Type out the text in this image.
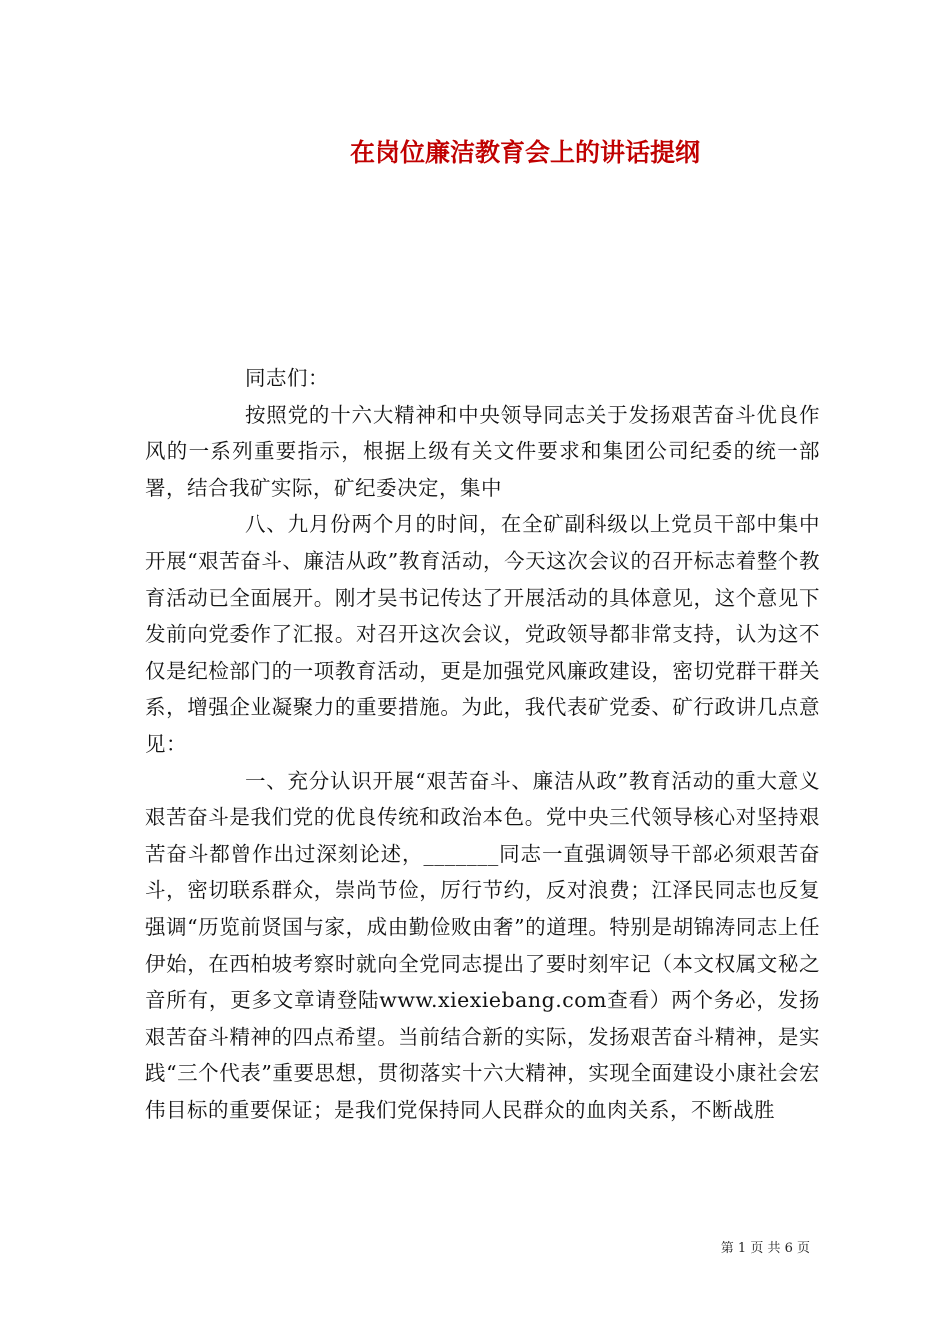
在岗位廉洁教育会上的讲话提纲

同志们：

按照党的十六大精神和中央领导同志关于发扬艰苦奋斗优良作风的一系列重要指示，根据上级有关文件要求和集团公司纪委的统一部署，结合我矿实际，矿纪委决定，集中

八、九月份两个月的时间，在全矿副科级以上党员干部中集中开展“艰苦奋斗、廉洁从政”教育活动，今天这次会议的召开标志着整个教育活动已全面展开。刚才吴书记传达了开展活动的具体意见，这个意见下发前向党委作了汇报。对召开这次会议，党政领导都非常支持，认为这不仅是纪检部门的一项教育活动，更是加强党风廉政建设，密切党群干群关系，增强企业凝聚力的重要措施。为此，我代表矿党委、矿行政讲几点意见：

一、充分认识开展“艰苦奋斗、廉洁从政”教育活动的重大意义艰苦奋斗是我们党的优良传统和政治本色。党中央三代领导核心对坚持艰苦奋斗都曾作出过深刻论述，_______同志一直强调领导干部必须艰苦奋斗，密切联系群众，崇尚节俭，厉行节约，反对浪费；江泽民同志也反复强调“历览前贤国与家，成由勤俭败由奢”的道理。特别是胡锦涛同志上任伊始，在西柏坡考察时就向全党同志提出了要时刻牢记（本文权属文秘之音所有，更多文章请登陆www.xiexiebang.com查看）两个务必，发扬艰苦奋斗精神的四点希望。当前结合新的实际，发扬艰苦奋斗精神，是实践“三个代表”重要思想，贯彻落实十六大精神，实现全面建设小康社会宏伟目标的重要保证；是我们党保持同人民群众的血肉关系，不断战胜

第 1 页 共 6 页
